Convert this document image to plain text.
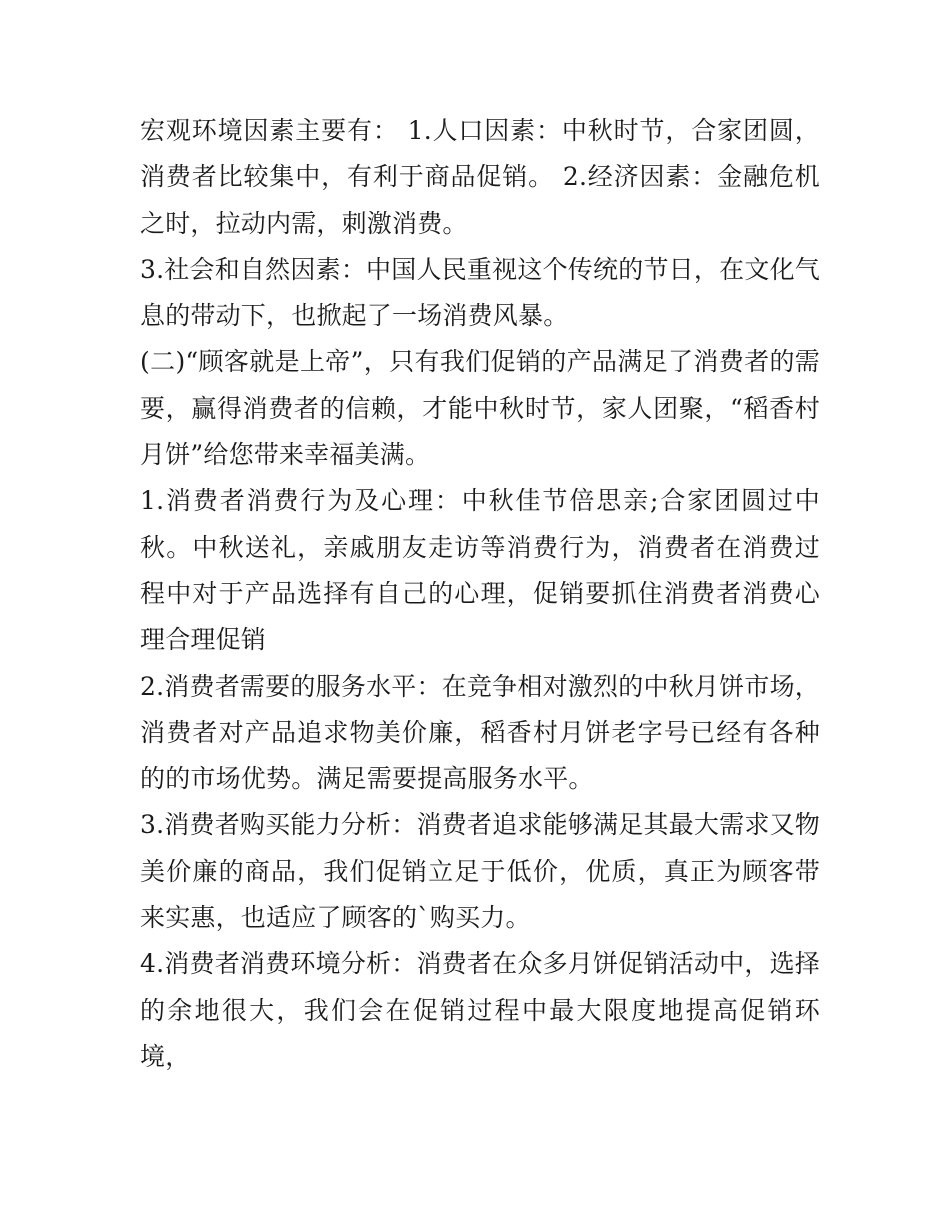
宏观环境因素主要有： 1.人口因素：中秋时节，合家团圆，消费者比较集中，有利于商品促销。 2.经济因素：金融危机之时，拉动内需，刺激消费。

3.社会和自然因素：中国人民重视这个传统的节日，在文化气息的带动下，也掀起了一场消费风暴。

(二)“顾客就是上帝”，只有我们促销的产品满足了消费者的需要，赢得消费者的信赖，才能中秋时节，家人团聚，“稻香村月饼”给您带来幸福美满。

1.消费者消费行为及心理：中秋佳节倍思亲;合家团圆过中秋。中秋送礼，亲戚朋友走访等消费行为，消费者在消费过程中对于产品选择有自己的心理，促销要抓住消费者消费心理合理促销

2.消费者需要的服务水平：在竞争相对激烈的中秋月饼市场，消费者对产品追求物美价廉，稻香村月饼老字号已经有各种的的市场优势。满足需要提高服务水平。

3.消费者购买能力分析：消费者追求能够满足其最大需求又物美价廉的商品，我们促销立足于低价，优质，真正为顾客带来实惠，也适应了顾客的`购买力。

4.消费者消费环境分析：消费者在众多月饼促销活动中，选择的余地很大，我们会在促销过程中最大限度地提高促销环境，
